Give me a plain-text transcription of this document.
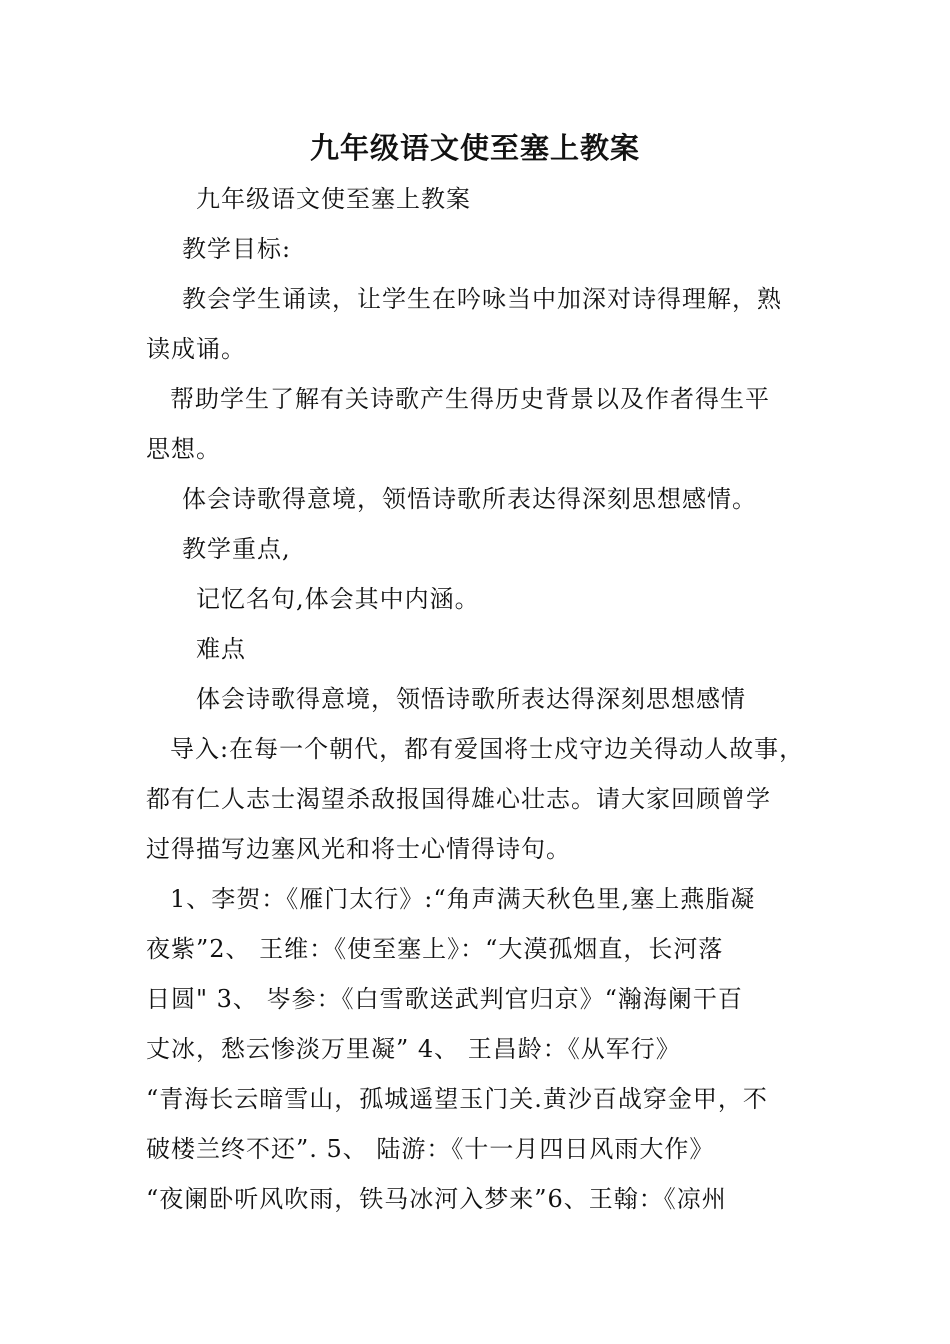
九年级语文使至塞上教案
九年级语文使至塞上教案
教学目标:
教会学生诵读，让学生在吟咏当中加深对诗得理解，熟
读成诵。
帮助学生了解有关诗歌产生得历史背景以及作者得生平
思想。
体会诗歌得意境，领悟诗歌所表达得深刻思想感情。
教学重点,
记忆名句,体会其中内涵。
难点
体会诗歌得意境，领悟诗歌所表达得深刻思想感情
导入:在每一个朝代，都有爱国将士戍守边关得动人故事，
都有仁人志士渴望杀敌报国得雄心壮志。请大家回顾曾学
过得描写边塞风光和将士心情得诗句。
1、李贺：《雁门太行》:“角声满天秋色里,塞上燕脂凝
夜紫”2、 王维：《使至塞上》：“大漠孤烟直，长河落
日圆" 3、 岑参：《白雪歌送武判官归京》“瀚海阑干百
丈冰，愁云惨淡万里凝” 4、 王昌龄：《从军行》
“青海长云暗雪山，孤城遥望玉门关.黄沙百战穿金甲，不
破楼兰终不还”. 5、 陆游：《十一月四日风雨大作》
“夜阑卧听风吹雨，铁马冰河入梦来”6、王翰：《凉州
